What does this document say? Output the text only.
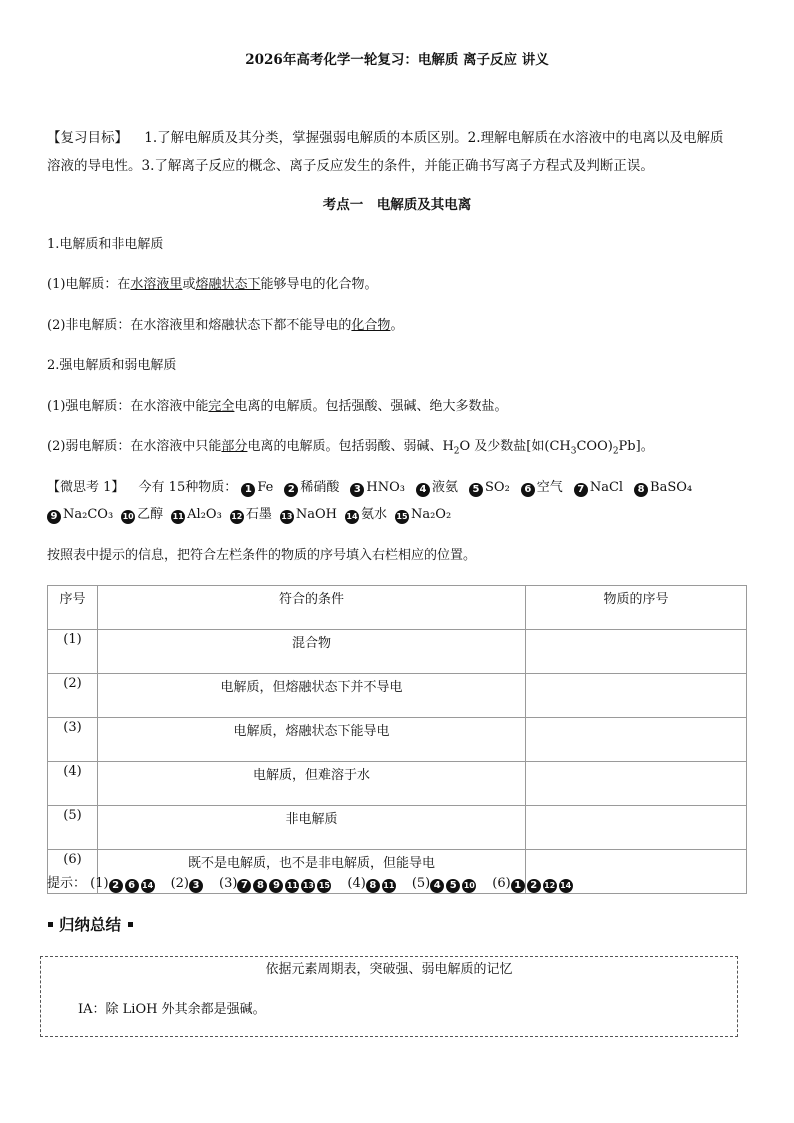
2026年高考化学一轮复习：电解质 离子反应 讲义
【复习目标】 1.了解电解质及其分类，掌握强弱电解质的本质区别。2.理解电解质在水溶液中的电离以及电解质
溶液的导电性。3.了解离子反应的概念、离子反应发生的条件，并能正确书写离子方程式及判断正误。
考点一　电解质及其电离
1.电解质和非电解质
(1)电解质：在水溶液里或熔融状态下能够导电的化合物。
(2)非电解质：在水溶液里和熔融状态下都不能导电的化合物。
2.强电解质和弱电解质
(1)强电解质：在水溶液中能完全电离的电解质。包括强酸、强碱、绝大多数盐。
(2)弱电解质：在水溶液中只能部分电离的电解质。包括弱酸、弱碱、$H_2O$ 及少数盐[如$(CH_3COO)_2Pb$]。
【微思考 1】 今有 15种物质： 1 Fe 2 稀硝酸 3 HNO₃ 4 液氨 5 SO₂ 6 空气 7 NaCl 8 BaSO₄
9 Na₂CO₃ 10 乙醇 11 Al₂O₃ 12 石墨 13 NaOH 14 氨水 15 Na₂O₂
按照表中提示的信息，把符合左栏条件的物质的序号填入右栏相应的位置。
序号	符合的条件	物质的序号
(1)	混合物	
(2)	电解质，但熔融状态下并不导电	
(3)	电解质，熔融状态下能导电	
(4)	电解质，但难溶于水	
(5)	非电解质	
(6)	既不是电解质，也不是非电解质，但能导电	
提示： (1) 2 6 14 (2) 3 (3) 7 8 9 11 13 15 (4) 8 11 (5) 4 5 10 (6) 1 2 12 14
归纳总结
依据元素周期表，突破强、弱电解质的记忆
ⅠA：除 LiOH 外其余都是强碱。
